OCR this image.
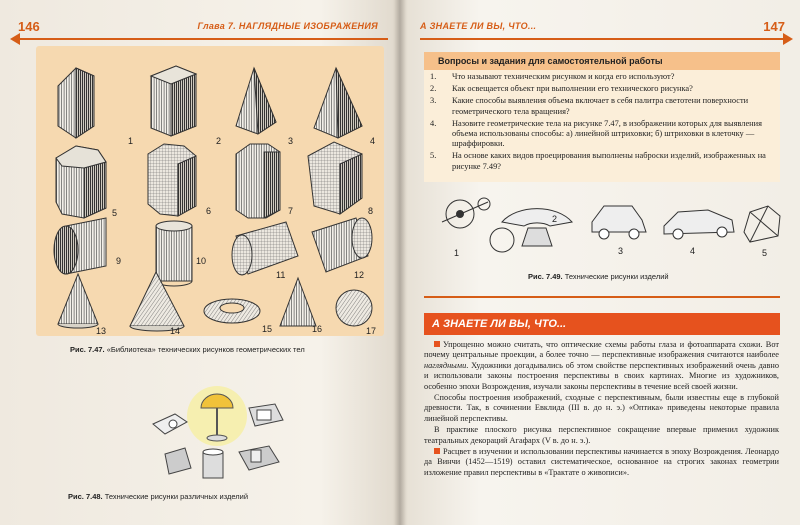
146	Глава 7. НАГЛЯДНЫЕ ИЗОБРАЖЕНИЯ
1	2	3	4
5	6	7	8
9	10
11	12
13	14	15	16	17
Рис. 7.47. «Библиотека» технических рисунков геометрических тел
Рис. 7.48. Технические рисунки различных изделий
А ЗНАЕТЕ ЛИ ВЫ, ЧТО...	147
Вопросы и задания для самостоятельной работы
1.	Что называют техническим рисунком и когда его используют?
2.	Как освещается объект при выполнении его технического рисунка?
3.	Какие способы выявления объема включает в себя палитра светотени поверхности геометрического тела вращения?
4.	Назовите геометрические тела на рисунке 7.47, в изображении которых для выявления объема использованы способы: а) линейной штриховки; б) штриховки в клеточку — шраффировки.
5.	На основе каких видов проецирования выполнены наброски изделий, изображенных на рисунке 7.49?
1
2
3	4	5
Рис. 7.49. Технические рисунки изделий
А ЗНАЕТЕ ЛИ ВЫ, ЧТО...

Упрощенно можно считать, что оптические схемы работы глаза и фотоаппарата схожи. Вот почему центральные проекции, а более точно — перспективные изображения считаются наиболее наглядными. Художники догадывались об этом свойстве перспективных изображений очень давно и использовали законы построения перспективы в своих картинах. Многие из художников, особенно эпохи Возрождения, изучали законы перспективы в течение всей своей жизни.

Способы построения изображений, сходные с перспективным, были известны еще в глубокой древности. Так, в сочинении Евклида (III в. до н. э.) «Оптика» приведены некоторые правила линейной перспективы.

В практике плоского рисунка перспективное сокращение впервые применил художник театральных декораций Агафарх (V в. до н. э.).

Расцвет в изучении и использовании перспективы начинается в эпоху Возрождения. Леонардо да Винчи (1452—1519) оставил систематическое, основанное на строгих законах геометрии изложение правил перспективы в «Трактате о живописи».
